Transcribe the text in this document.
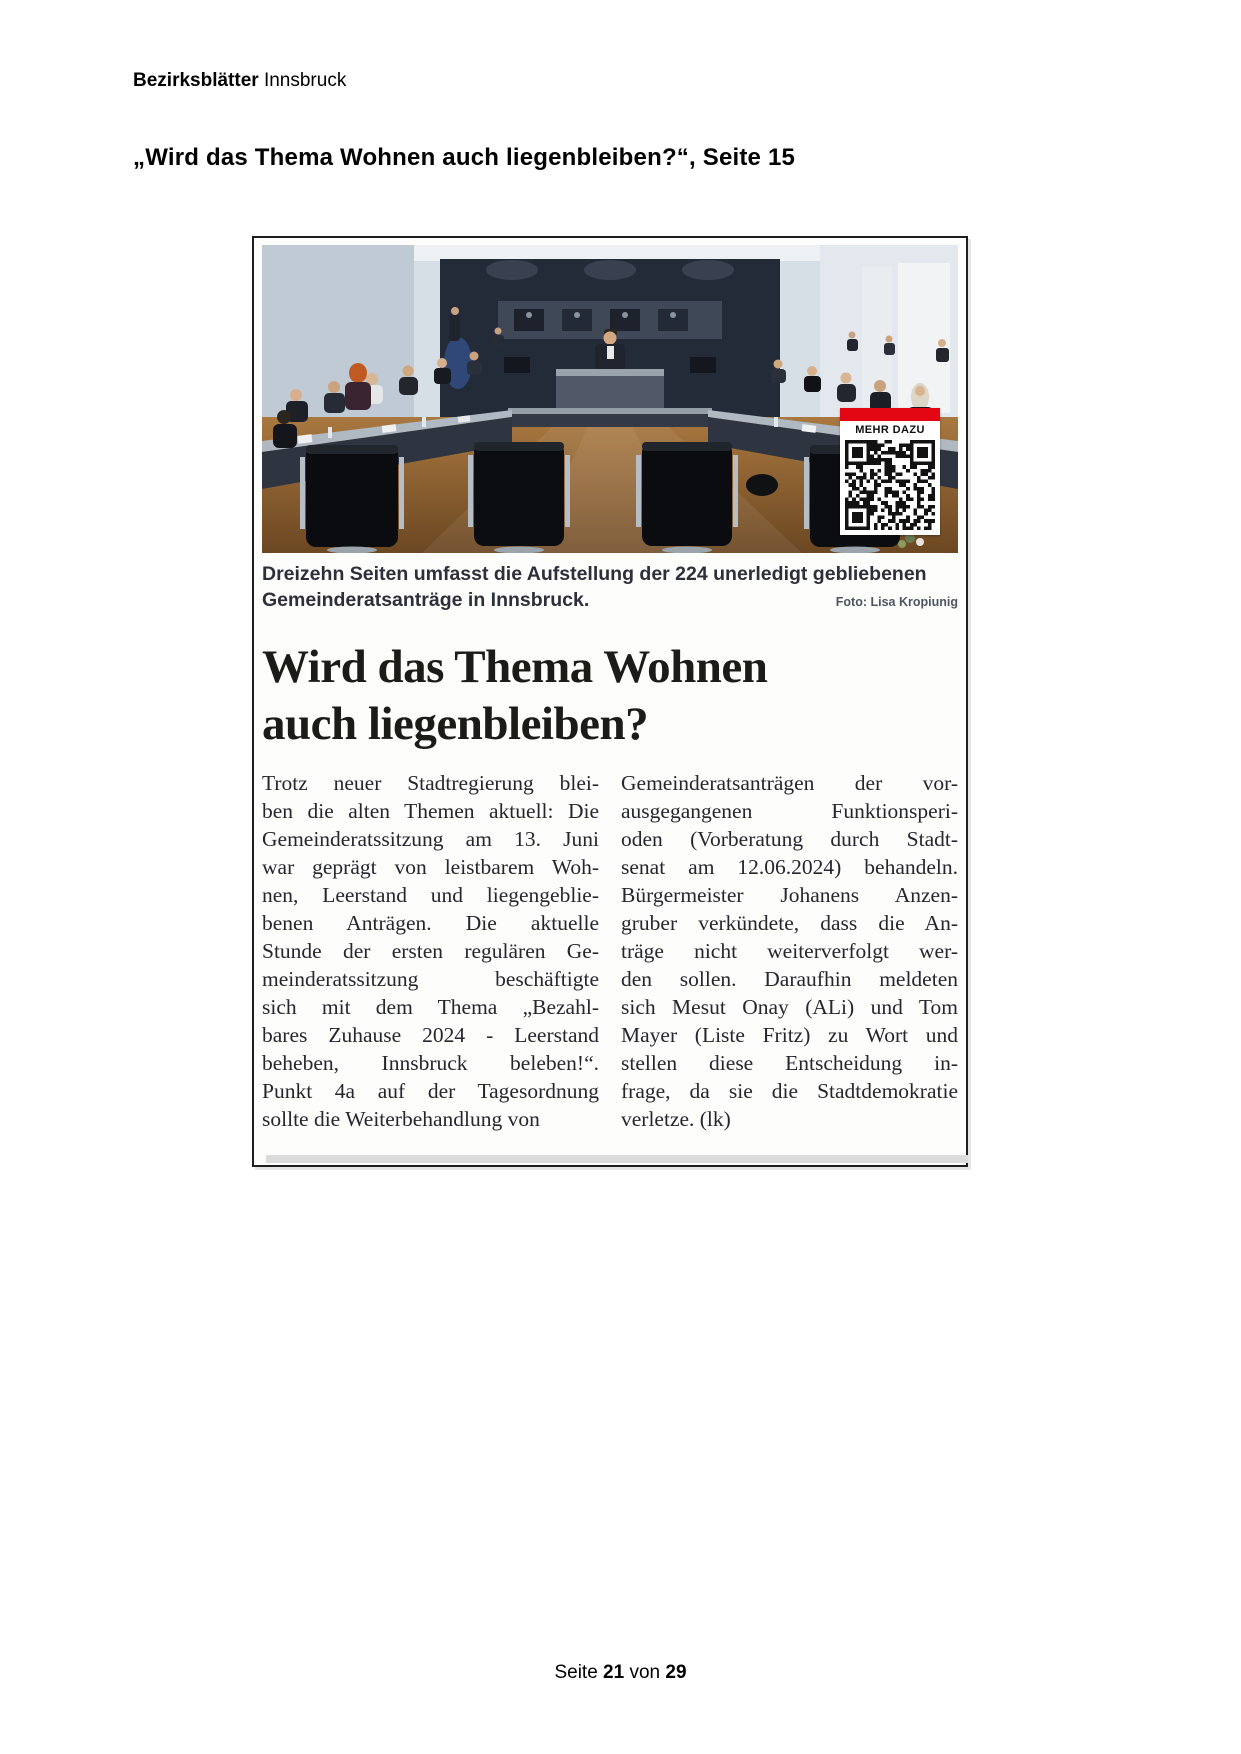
Bezirksblätter Innsbruck
„Wird das Thema Wohnen auch liegenbleiben?“, Seite 15
MEHR DAZU
Dreizehn Seiten umfasst die Aufstellung der 224 unerledigt gebliebenen
Gemeinderatsanträge in Innsbruck.	Foto: Lisa Kropiunig
Wird das Thema Wohnen
auch liegenbleiben?
Trotz neuer Stadtregierung blei-
ben die alten Themen aktuell: Die
Gemeinderatssitzung am 13. Juni
war geprägt von leistbarem Woh-
nen, Leerstand und liegengeblie-
benen Anträgen. Die aktuelle
Stunde der ersten regulären Ge-
meinderatssitzung beschäftigte
sich mit dem Thema „Bezahl-
bares Zuhause 2024 - Leerstand
beheben, Innsbruck beleben!“.
Punkt 4a auf der Tagesordnung
sollte die Weiterbehandlung von
Gemeinderatsanträgen der vor-
ausgegangenen Funktionsperi-
oden (Vorberatung durch Stadt-
senat am 12.06.2024) behandeln.
Bürgermeister Johanens Anzen-
gruber verkündete, dass die An-
träge nicht weiterverfolgt wer-
den sollen. Daraufhin meldeten
sich Mesut Onay (ALi) und Tom
Mayer (Liste Fritz) zu Wort und
stellen diese Entscheidung in-
frage, da sie die Stadtdemokratie
verletze. (lk)
Seite 21 von 29
